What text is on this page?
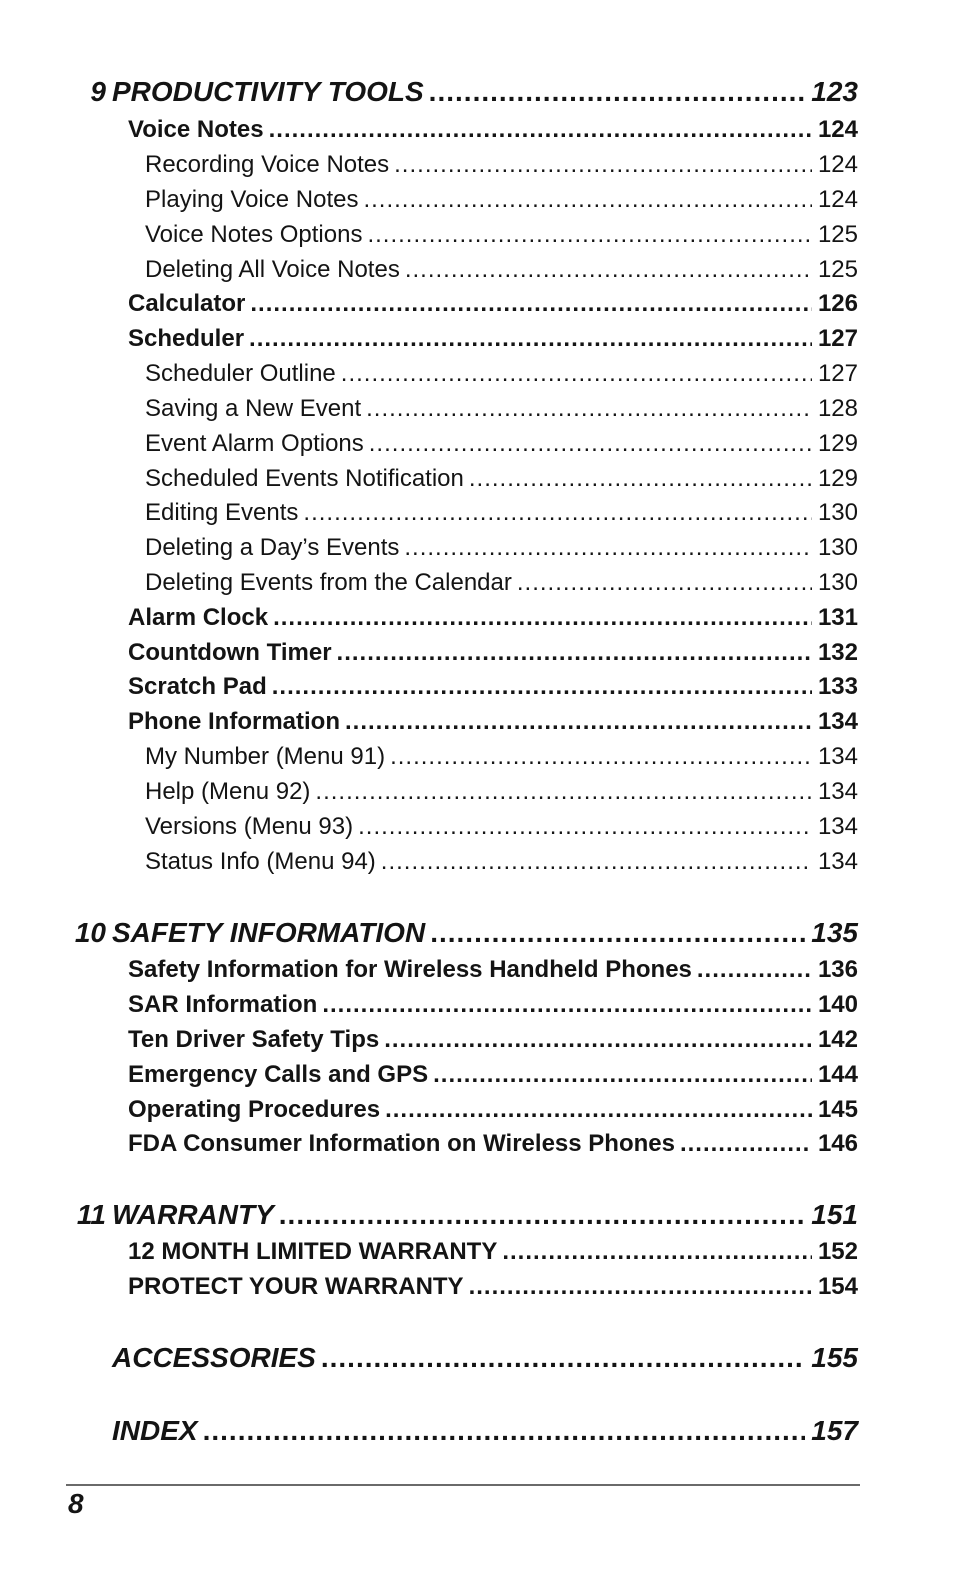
9 PRODUCTIVITY TOOLS .....	123
Voice Notes .....	124
Recording Voice Notes .....	124
Playing Voice Notes .....	124
Voice Notes Options .....	125
Deleting All Voice Notes .....	125
Calculator .....	126
Scheduler .....	127
Scheduler Outline .....	127
Saving a New Event .....	128
Event Alarm Options .....	129
Scheduled Events Notification .....	129
Editing Events .....	130
Deleting a Day’s Events .....	130
Deleting Events from the Calendar .....	130
Alarm Clock .....	131
Countdown Timer .....	132
Scratch Pad .....	133
Phone Information .....	134
My Number (Menu 91) .....	134
Help (Menu 92) .....	134
Versions (Menu 93) .....	134
Status Info (Menu 94) .....	134
10 SAFETY INFORMATION .....	135
Safety Information for Wireless Handheld Phones .....	136
SAR Information .....	140
Ten Driver Safety Tips .....	142
Emergency Calls and GPS .....	144
Operating Procedures .....	145
FDA Consumer Information on Wireless Phones .....	146
11 WARRANTY .....	151
12 MONTH LIMITED WARRANTY .....	152
PROTECT YOUR WARRANTY .....	154
ACCESSORIES .....	155
INDEX .....	157
8
